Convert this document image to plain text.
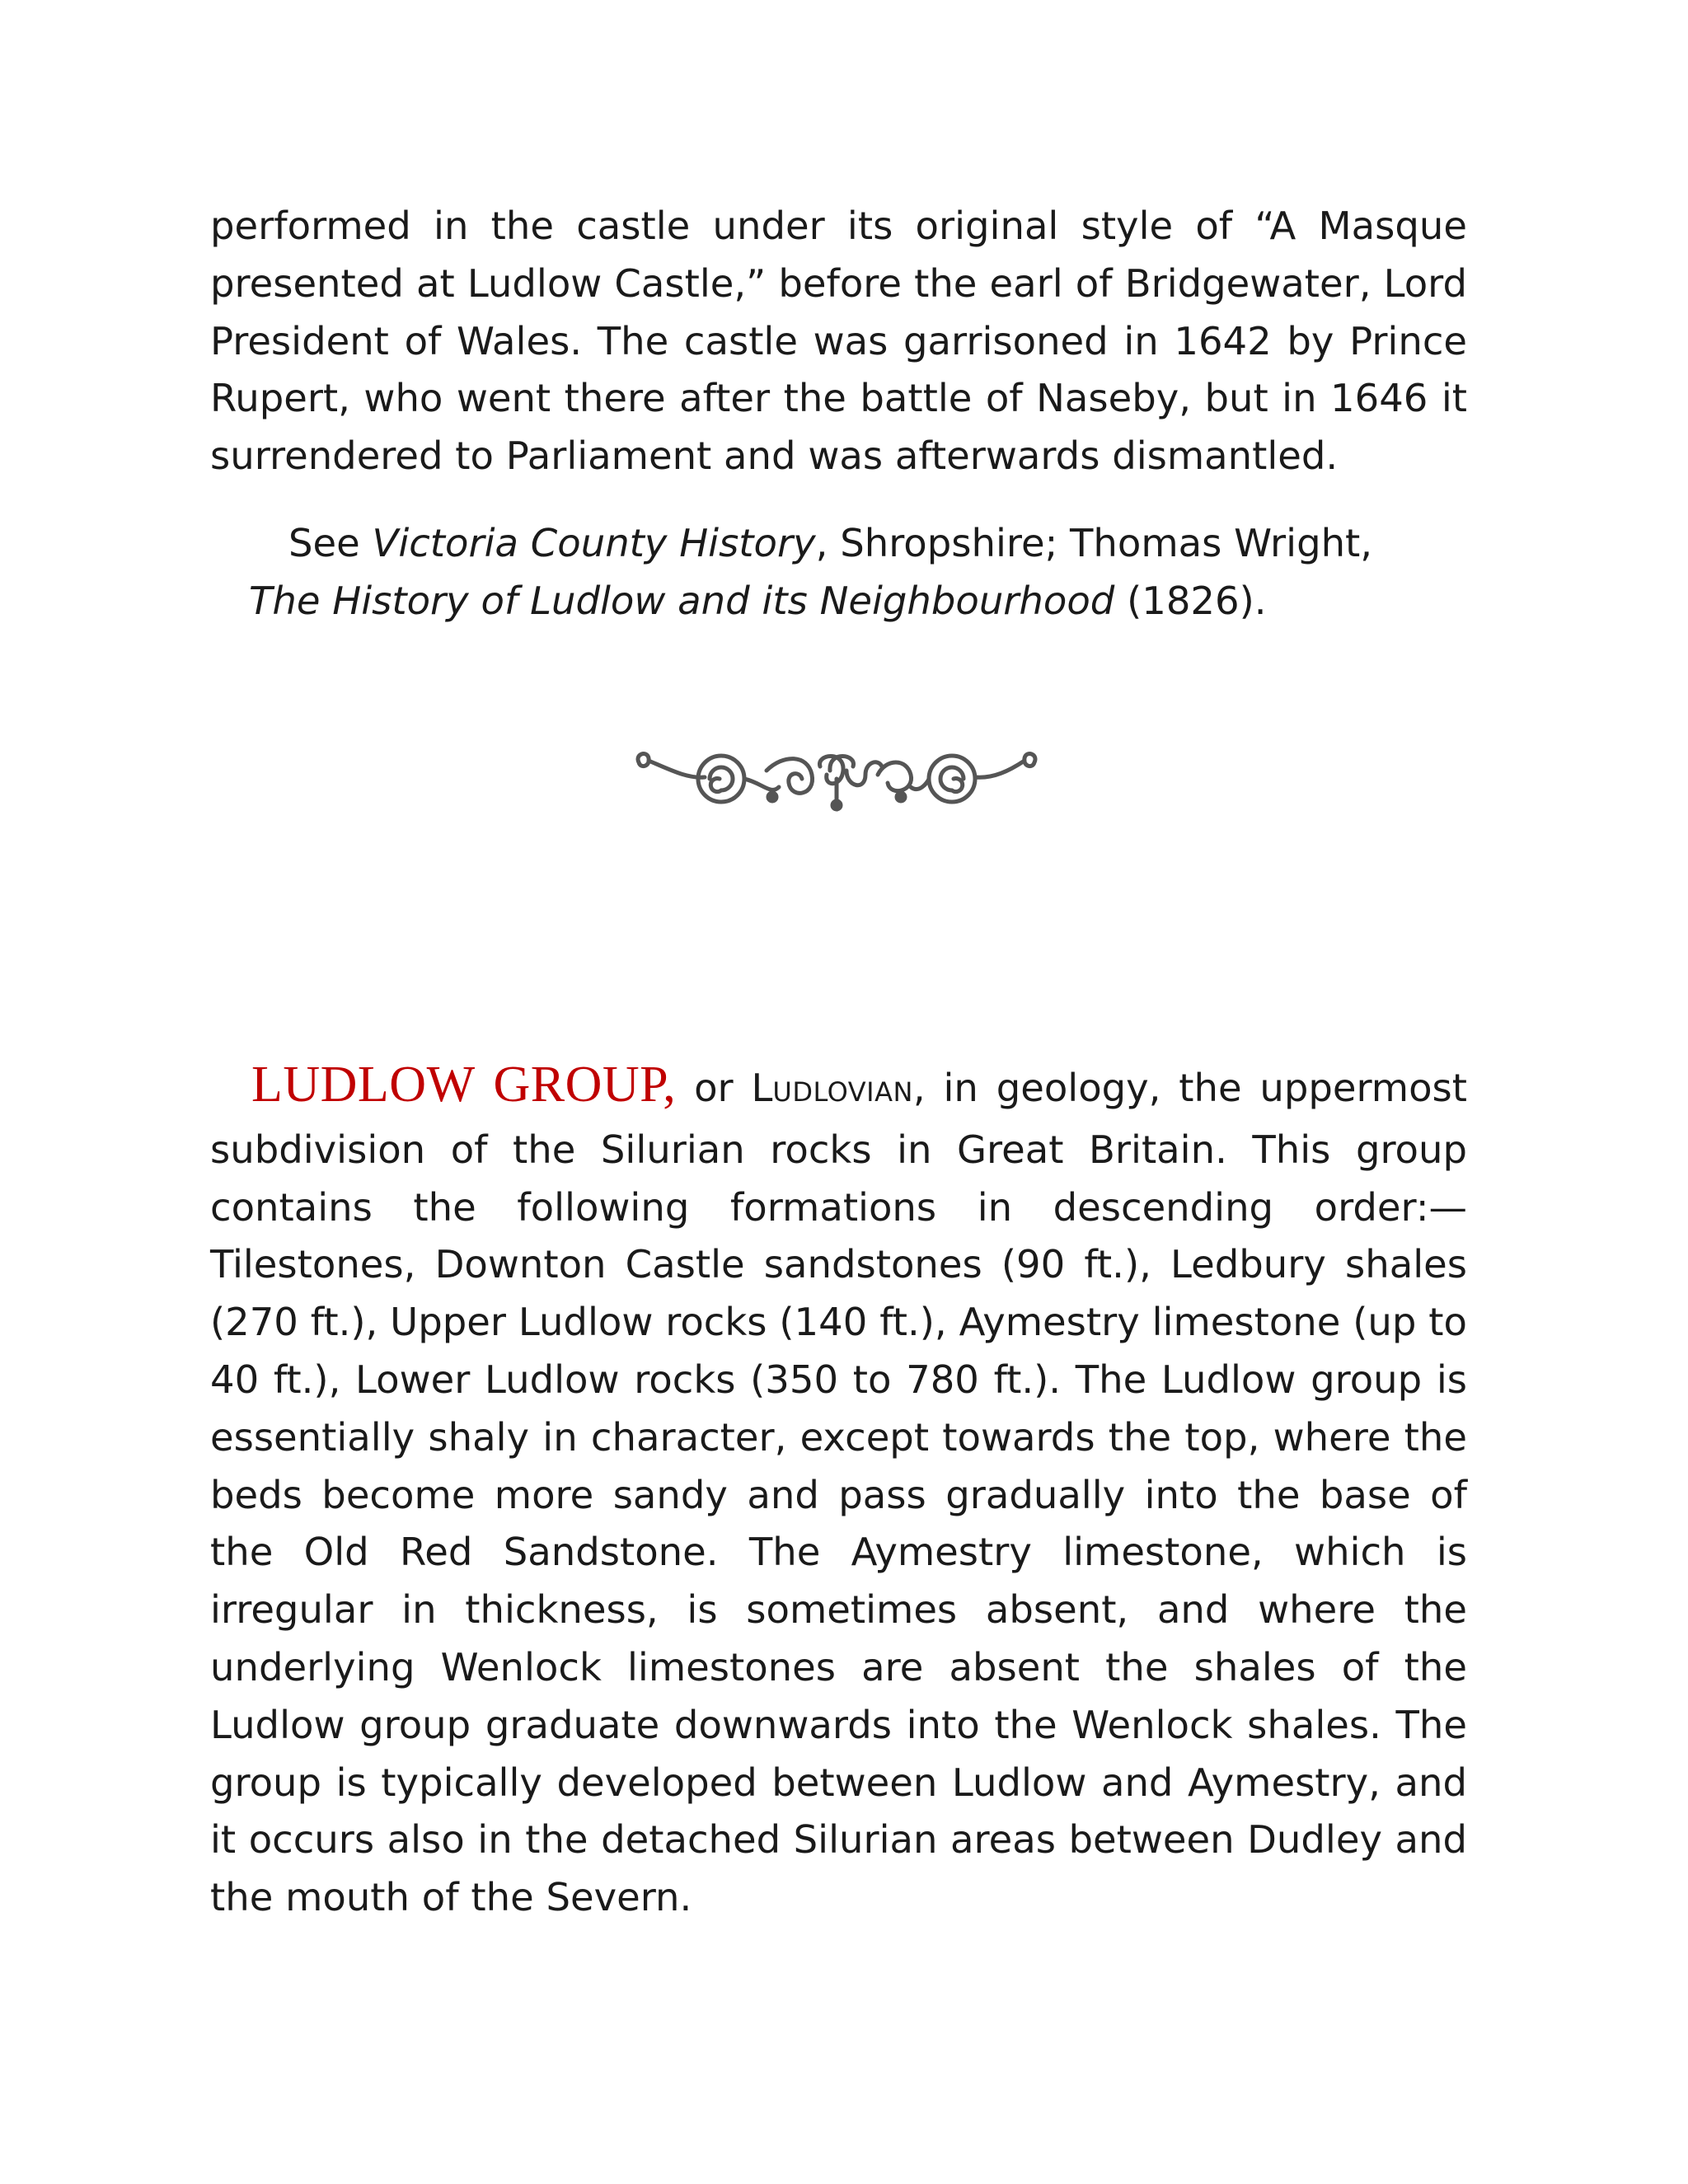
performed in the castle under its original style of “A Masque presented at Ludlow Castle,” before the earl of Bridgewater, Lord President of Wales. The castle was garrisoned in 1642 by Prince Rupert, who went there after the battle of Naseby, but in 1646 it surrendered to Parliament and was afterwards dismantled.

See Victoria County History, Shropshire; Thomas Wright, The History of Ludlow and its Neighbourhood (1826).

LUDLOW GROUP, or LUDLOVIAN, in geology, the uppermost subdivision of the Silurian rocks in Great Britain. This group contains the following formations in descending order:—Tilestones, Downton Castle sandstones (90 ft.), Ledbury shales (270 ft.), Upper Ludlow rocks (140 ft.), Aymestry limestone (up to 40 ft.), Lower Ludlow rocks (350 to 780 ft.). The Ludlow group is essentially shaly in character, except towards the top, where the beds become more sandy and pass gradually into the base of the Old Red Sandstone. The Aymestry limestone, which is irregular in thickness, is sometimes absent, and where the underlying Wenlock limestones are absent the shales of the Ludlow group graduate downwards into the Wenlock shales. The group is typically developed between Ludlow and Aymestry, and it occurs also in the detached Silurian areas between Dudley and the mouth of the Severn.
